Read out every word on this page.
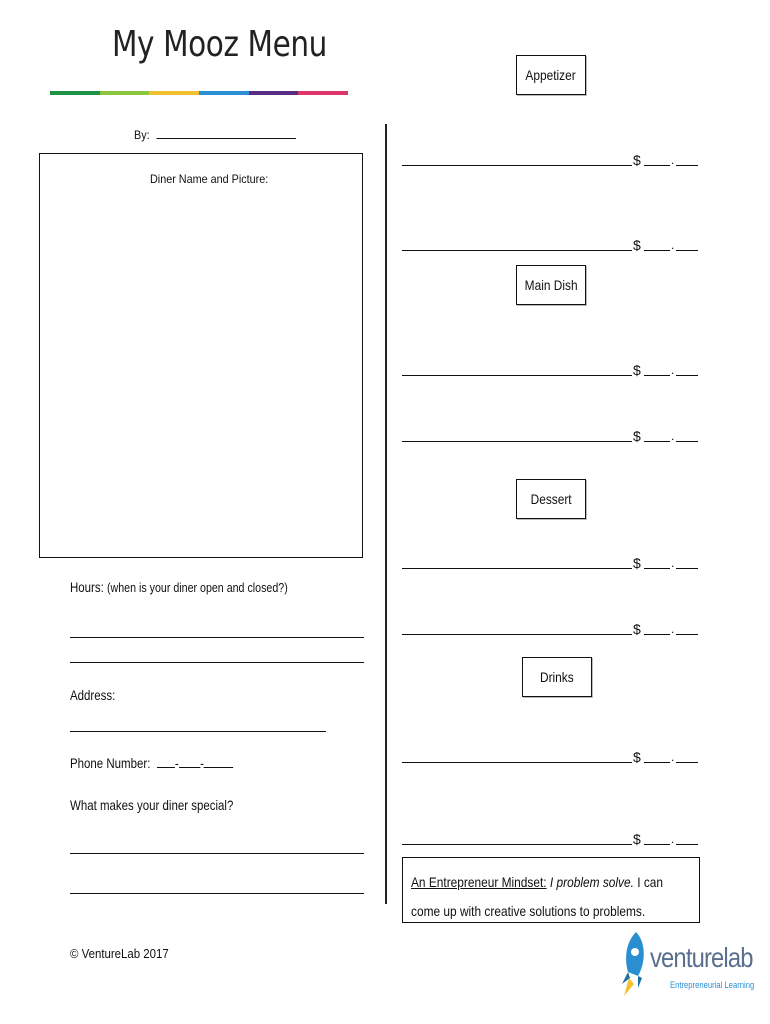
My Mooz Menu
By:
Diner Name and Picture:
Hours: (when is your diner open and closed?)
Address:
Phone Number: - -
What makes your diner special?
Appetizer
$	.
$	.
Main Dish
$	.
$	.
Dessert
$	.
$	.
Drinks
$	.
$	.
An Entrepreneur Mindset: I problem solve. I can come up with creative solutions to problems.
© VentureLab 2017	venturelab
Entrepreneurial Learning
